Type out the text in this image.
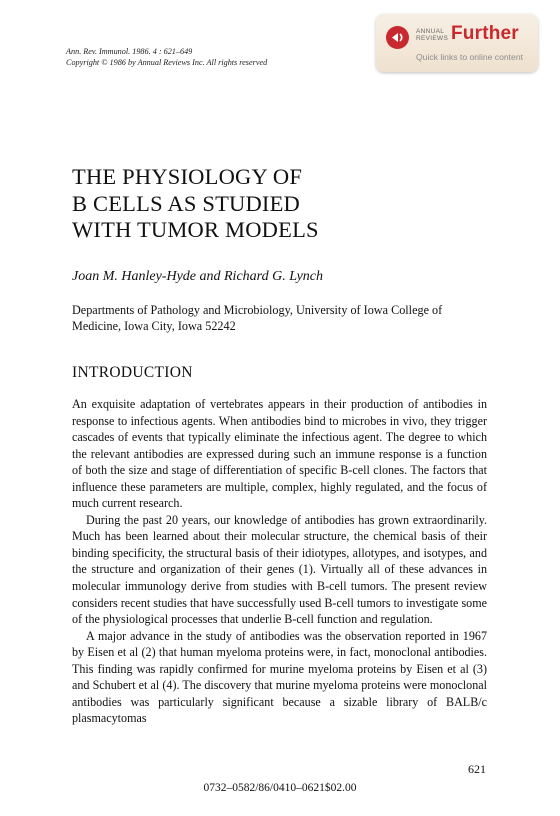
Ann. Rev. Immunol. 1986. 4 : 621–649
Copyright © 1986 by Annual Reviews Inc. All rights reserved
ANNUAL
REVIEWS Further
Quick links to online content
THE PHYSIOLOGY OF
B CELLS AS STUDIED
WITH TUMOR MODELS
Joan M. Hanley-Hyde and Richard G. Lynch
Departments of Pathology and Microbiology, University of Iowa College of Medicine, Iowa City, Iowa 52242
INTRODUCTION

An exquisite adaptation of vertebrates appears in their production of antibodies in response to infectious agents. When antibodies bind to microbes in vivo, they trigger cascades of events that typically eliminate the infectious agent. The degree to which the relevant antibodies are expressed during such an immune response is a function of both the size and stage of differentiation of specific B-cell clones. The factors that influence these parameters are multiple, complex, highly regulated, and the focus of much current research.

During the past 20 years, our knowledge of antibodies has grown extraordinarily. Much has been learned about their molecular structure, the chemical basis of their binding specificity, the structural basis of their idiotypes, allotypes, and isotypes, and the structure and organization of their genes (1). Virtually all of these advances in molecular immunology derive from studies with B-cell tumors. The present review considers recent studies that have successfully used B-cell tumors to investigate some of the physiological processes that underlie B-cell function and regulation.

A major advance in the study of antibodies was the observation reported in 1967 by Eisen et al (2) that human myeloma proteins were, in fact, monoclonal antibodies. This finding was rapidly confirmed for murine myeloma proteins by Eisen et al (3) and Schubert et al (4). The discovery that murine myeloma proteins were monoclonal antibodies was particularly significant because a sizable library of BALB/c plasmacytomas

621
0732–0582/86/0410–0621$02.00
